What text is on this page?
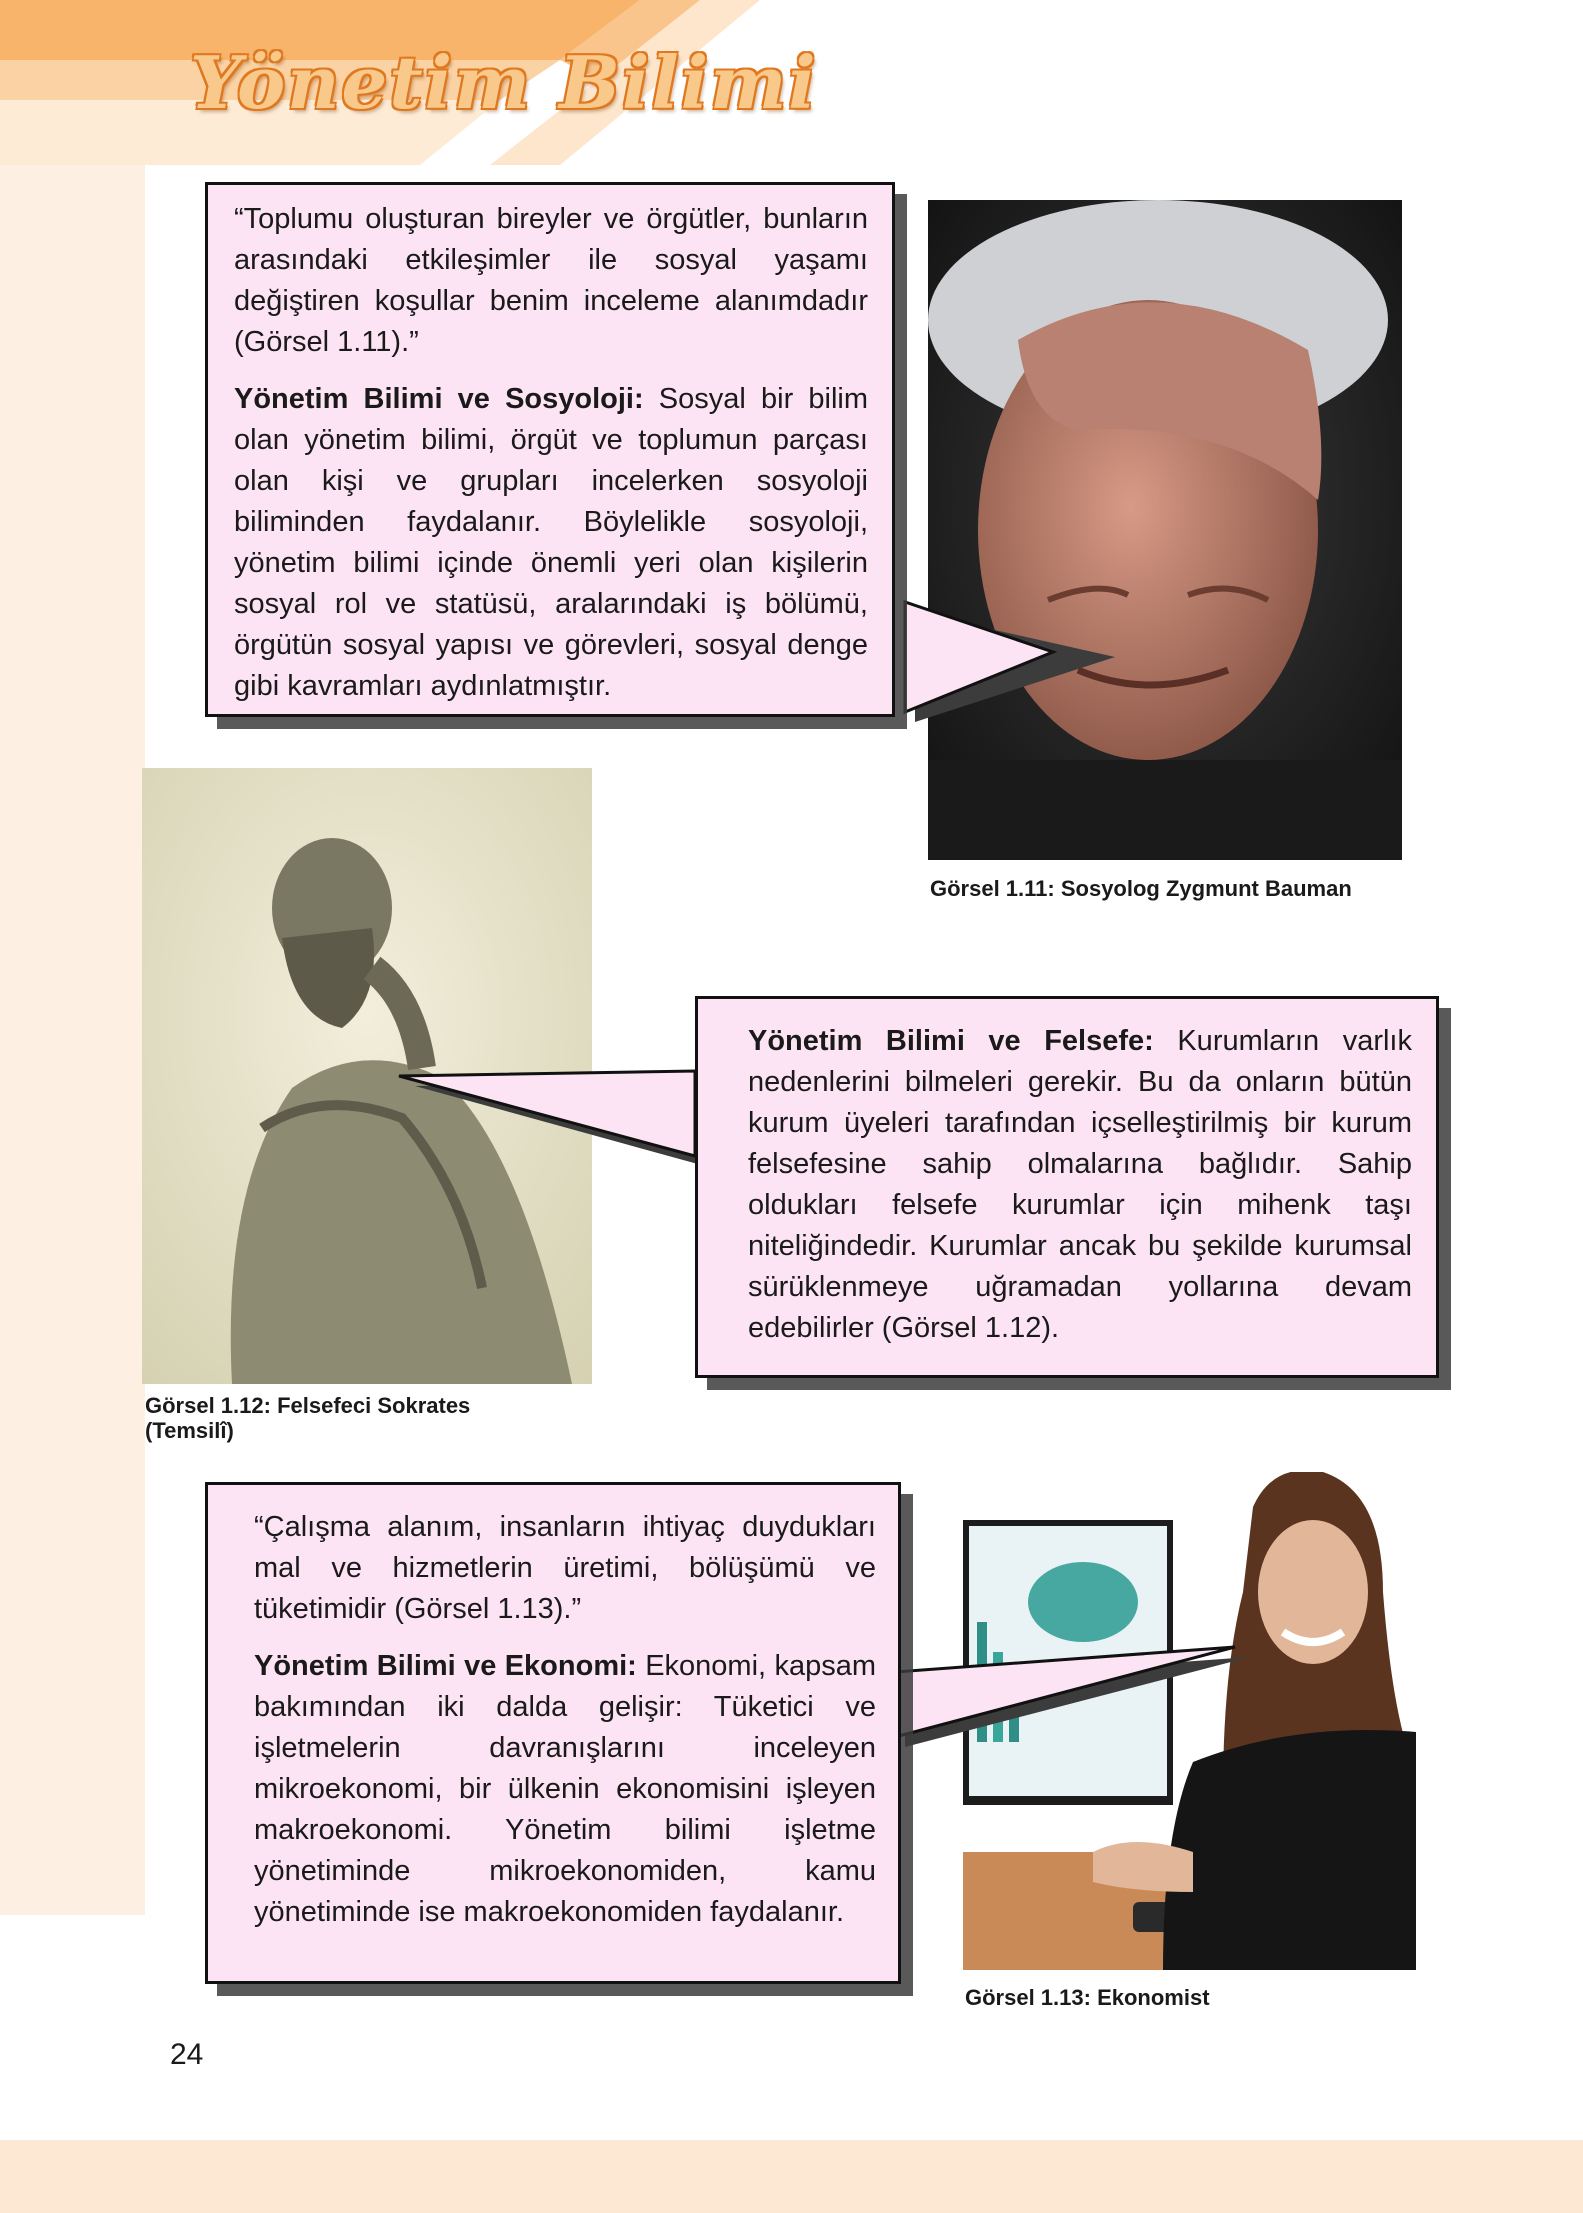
Yönetim Bilimi
Görsel 1.11: Sosyolog Zygmunt Bauman

“Toplumu oluşturan bireyler ve örgütler, bunların arasındaki etkileşimler ile sosyal yaşamı değiştiren koşullar benim inceleme alanımdadır (Görsel 1.11).”

Yönetim Bilimi ve Sosyoloji: Sosyal bir bilim olan yönetim bilimi, örgüt ve toplumun parçası olan kişi ve grupları incelerken sosyoloji biliminden faydalanır. Böylelikle sosyoloji, yönetim bilimi içinde önemli yeri olan kişilerin sosyal rol ve statüsü, aralarındaki iş bölümü, örgütün sosyal yapısı ve görevleri, sosyal denge gibi kavramları aydınlatmıştır.

Görsel 1.12: Felsefeci Sokrates (Temsilî)

Yönetim Bilimi ve Felsefe: Kurumların varlık nedenlerini bilmeleri gerekir. Bu da onların bütün kurum üyeleri tarafından içselleştirilmiş bir kurum felsefesine sahip olmalarına bağlıdır. Sahip oldukları felsefe kurumlar için mihenk taşı niteliğindedir. Kurumlar ancak bu şekilde kurumsal sürüklenmeye uğramadan yollarına devam edebilirler (Görsel 1.12).

Görsel 1.13: Ekonomist

“Çalışma alanım, insanların ihtiyaç duydukları mal ve hizmetlerin üretimi, bölüşümü ve tüketimidir (Görsel 1.13).”

Yönetim Bilimi ve Ekonomi: Ekonomi, kapsam bakımından iki dalda gelişir: Tüketici ve işletmelerin davranışlarını inceleyen mikroekonomi, bir ülkenin ekonomisini işleyen makroekonomi. Yönetim bilimi işletme yönetiminde mikroekonomiden, kamu yönetiminde ise makroekonomiden faydalanır.

24
